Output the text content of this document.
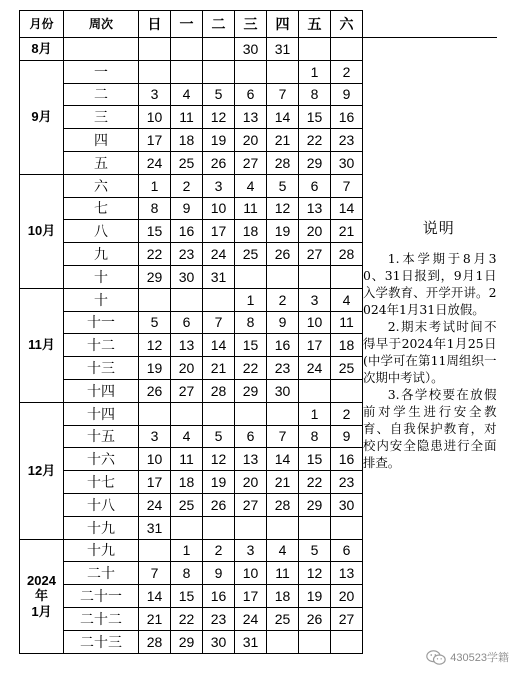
月份	周次	日	一	二	三	四	五	六	

8月					30	31			说明

1.本学期于8月30、31日报到，9月1日入学教育、开学开讲。2024年1月31日放假。

2.期末考试时间不得早于2024年1月25日(中学可在第11周组织一次期中考试）。

3.各学校要在放假前对学生进行安全教育、自我保护教育，对校内安全隐患进行全面排查。

9月	一						1	2	
	二	3	4	5	6	7	8	9	
	三	10	11	12	13	14	15	16	
	四	17	18	19	20	21	22	23	
	五	24	25	26	27	28	29	30	

10月	六	1	2	3	4	5	6	7	
	七	8	9	10	11	12	13	14	
	八	15	16	17	18	19	20	21	
	九	22	23	24	25	26	27	28	
	十	29	30	31					

11月	十				1	2	3	4	
	十一	5	6	7	8	9	10	11	
	十二	12	13	14	15	16	17	18	
	十三	19	20	21	22	23	24	25	
	十四	26	27	28	29	30			

12月	十四						1	2	
	十五	3	4	5	6	7	8	9	
	十六	10	11	12	13	14	15	16	
	十七	17	18	19	20	21	22	23	
	十八	24	25	26	27	28	29	30	
	十九	31							

2024
年
1月	十九		1	2	3	4	5	6	
	二十	7	8	9	10	11	12	13	
	二十一	14	15	16	17	18	19	20	
	二十二	21	22	23	24	25	26	27	
	二十三	28	29	30	31				
430523学籍
